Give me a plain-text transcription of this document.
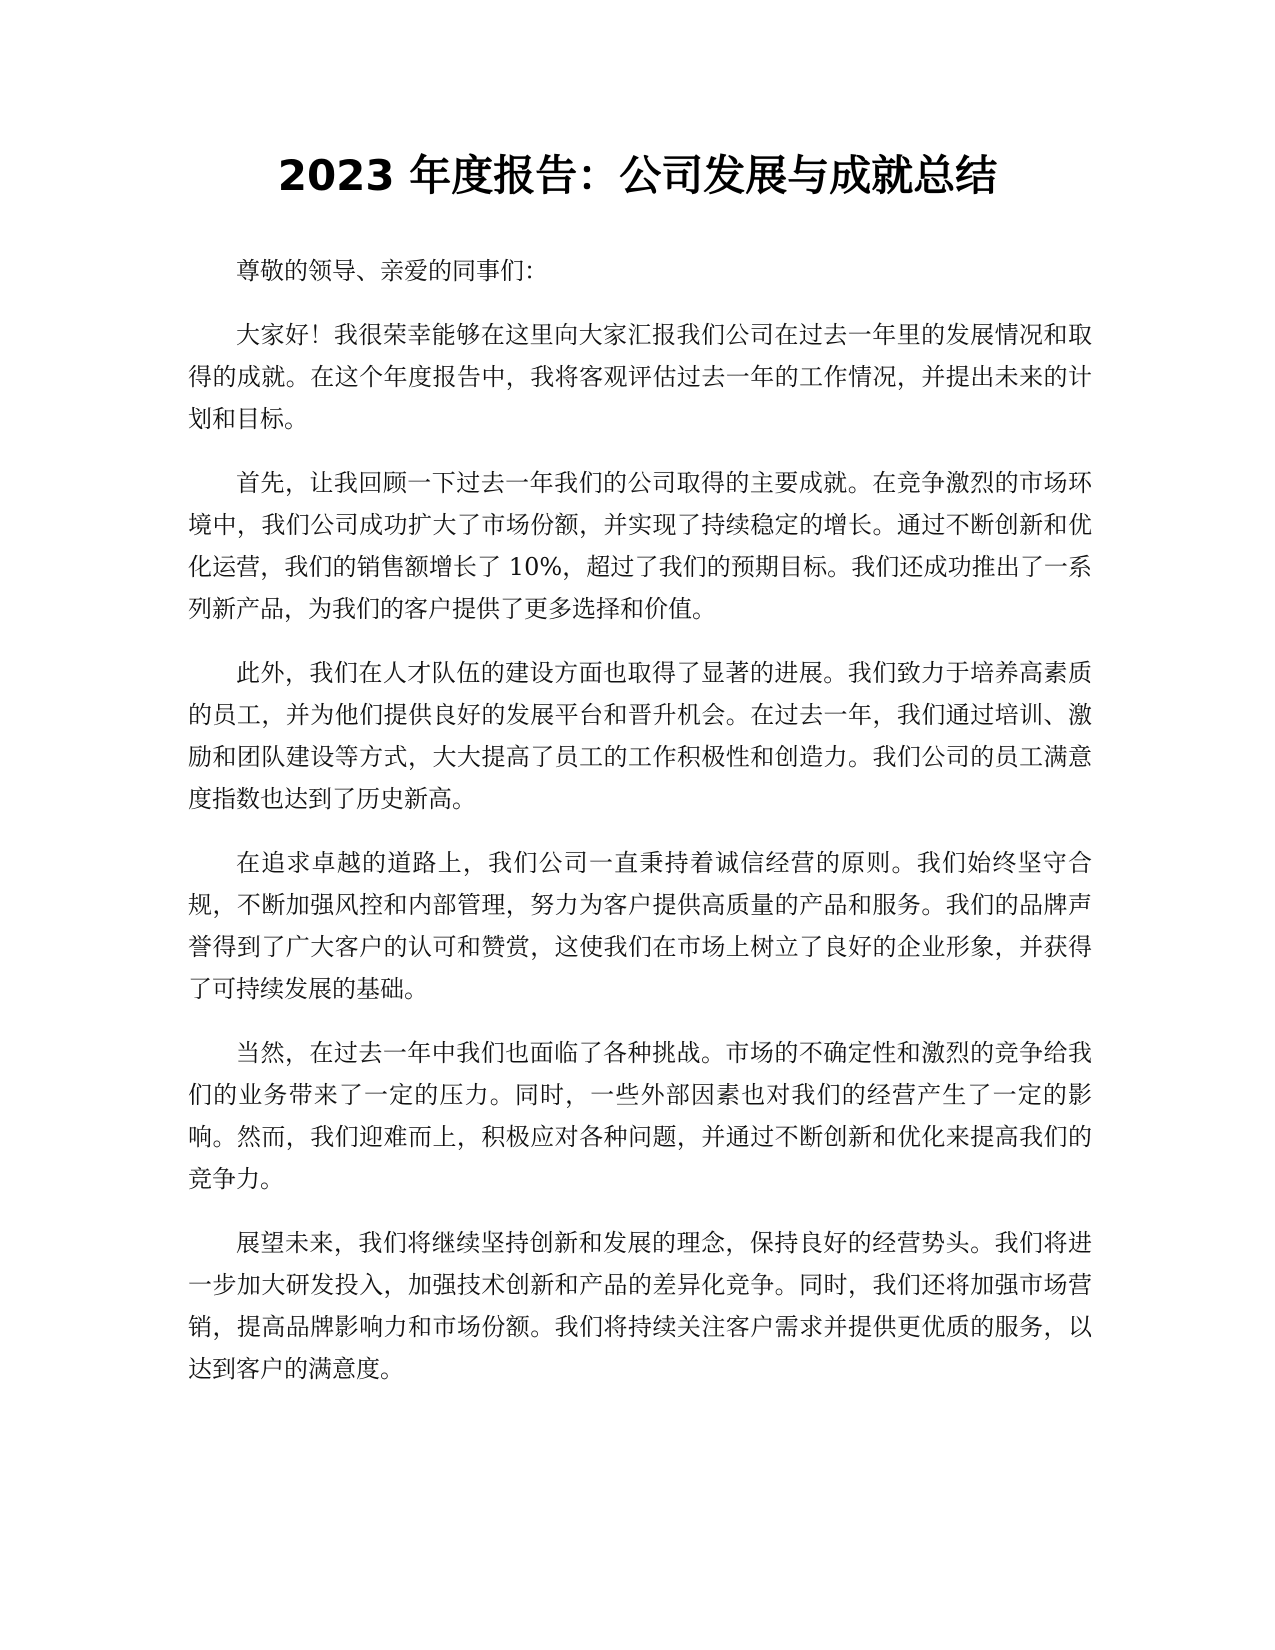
2023 年度报告：公司发展与成就总结

尊敬的领导、亲爱的同事们：

大家好！我很荣幸能够在这里向大家汇报我们公司在过去一年里的发展情况和取得的成就。在这个年度报告中，我将客观评估过去一年的工作情况，并提出未来的计划和目标。

首先，让我回顾一下过去一年我们的公司取得的主要成就。在竞争激烈的市场环境中，我们公司成功扩大了市场份额，并实现了持续稳定的增长。通过不断创新和优化运营，我们的销售额增长了 10%，超过了我们的预期目标。我们还成功推出了一系列新产品，为我们的客户提供了更多选择和价值。

此外，我们在人才队伍的建设方面也取得了显著的进展。我们致力于培养高素质的员工，并为他们提供良好的发展平台和晋升机会。在过去一年，我们通过培训、激励和团队建设等方式，大大提高了员工的工作积极性和创造力。我们公司的员工满意度指数也达到了历史新高。

在追求卓越的道路上，我们公司一直秉持着诚信经营的原则。我们始终坚守合规，不断加强风控和内部管理，努力为客户提供高质量的产品和服务。我们的品牌声誉得到了广大客户的认可和赞赏，这使我们在市场上树立了良好的企业形象，并获得了可持续发展的基础。

当然，在过去一年中我们也面临了各种挑战。市场的不确定性和激烈的竞争给我们的业务带来了一定的压力。同时，一些外部因素也对我们的经营产生了一定的影响。然而，我们迎难而上，积极应对各种问题，并通过不断创新和优化来提高我们的竞争力。

展望未来，我们将继续坚持创新和发展的理念，保持良好的经营势头。我们将进一步加大研发投入，加强技术创新和产品的差异化竞争。同时，我们还将加强市场营销，提高品牌影响力和市场份额。我们将持续关注客户需求并提供更优质的服务，以达到客户的满意度。
